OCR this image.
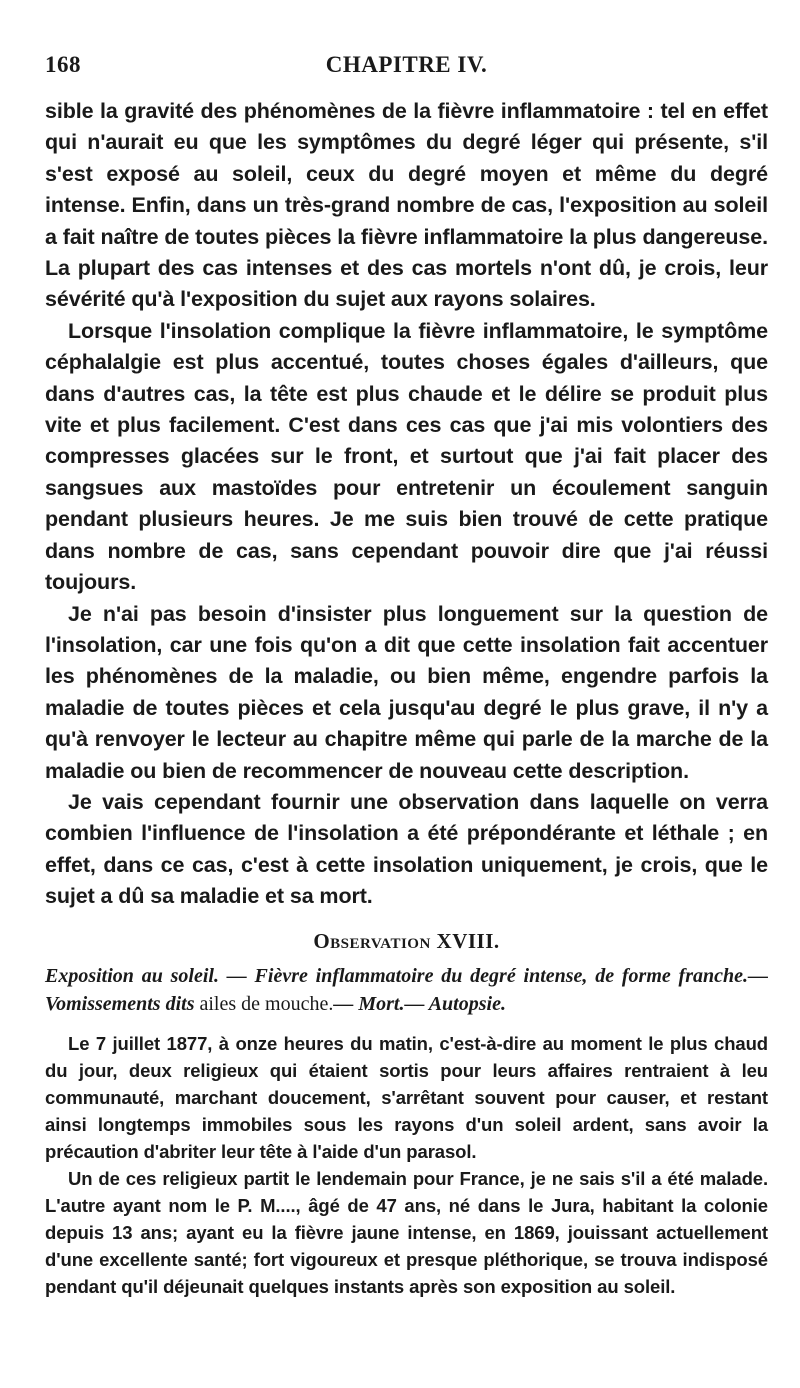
168	CHAPITRE IV.

sible la gravité des phénomènes de la fièvre inflammatoire : tel en effet qui n'aurait eu que les symptômes du degré léger qui présente, s'il s'est exposé au soleil, ceux du degré moyen et même du degré intense. Enfin, dans un très-grand nombre de cas, l'exposition au soleil a fait naître de toutes pièces la fièvre inflammatoire la plus dangereuse. La plupart des cas intenses et des cas mortels n'ont dû, je crois, leur sévérité qu'à l'exposition du sujet aux rayons solaires.

Lorsque l'insolation complique la fièvre inflammatoire, le symptôme céphalalgie est plus accentué, toutes choses égales d'ailleurs, que dans d'autres cas, la tête est plus chaude et le délire se produit plus vite et plus facilement. C'est dans ces cas que j'ai mis volontiers des compresses glacées sur le front, et surtout que j'ai fait placer des sangsues aux mastoïdes pour entretenir un écoulement sanguin pendant plusieurs heures. Je me suis bien trouvé de cette pratique dans nombre de cas, sans cependant pouvoir dire que j'ai réussi toujours.

Je n'ai pas besoin d'insister plus longuement sur la question de l'insolation, car une fois qu'on a dit que cette insolation fait accentuer les phénomènes de la maladie, ou bien même, engendre parfois la maladie de toutes pièces et cela jusqu'au degré le plus grave, il n'y a qu'à renvoyer le lecteur au chapitre même qui parle de la marche de la maladie ou bien de recommencer de nouveau cette description.

Je vais cependant fournir une observation dans laquelle on verra combien l'influence de l'insolation a été prépondérante et léthale ; en effet, dans ce cas, c'est à cette insolation uniquement, je crois, que le sujet a dû sa maladie et sa mort.

Observation XVIII.
Exposition au soleil. — Fièvre inflammatoire du degré intense, de forme franche.— Vomissements dits ailes de mouche.— Mort.— Autopsie.

Le 7 juillet 1877, à onze heures du matin, c'est-à-dire au moment le plus chaud du jour, deux religieux qui étaient sortis pour leurs affaires rentraient à leu communauté, marchant doucement, s'arrêtant souvent pour causer, et restant ainsi longtemps immobiles sous les rayons d'un soleil ardent, sans avoir la précaution d'abriter leur tête à l'aide d'un parasol.

Un de ces religieux partit le lendemain pour France, je ne sais s'il a été malade. L'autre ayant nom le P. M...., âgé de 47 ans, né dans le Jura, habitant la colonie depuis 13 ans; ayant eu la fièvre jaune intense, en 1869, jouissant actuellement d'une excellente santé; fort vigoureux et presque pléthorique, se trouva indisposé pendant qu'il déjeunait quelques instants après son exposition au soleil.
